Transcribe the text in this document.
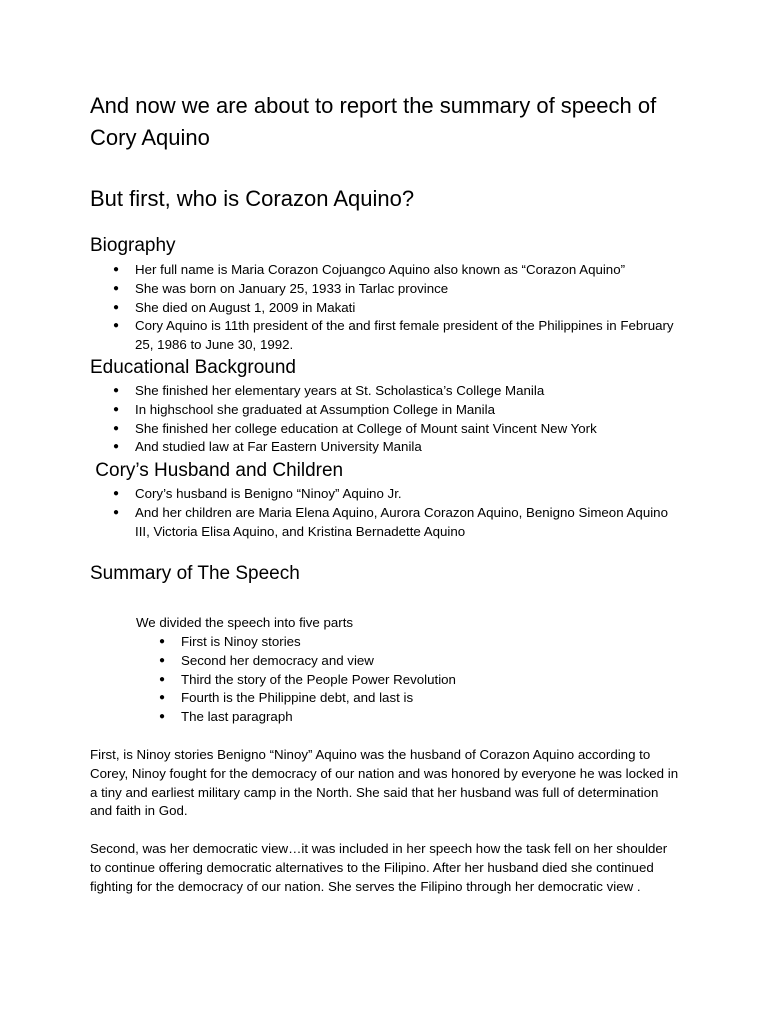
And now we are about to report the summary of speech of Cory Aquino
But first, who is Corazon Aquino?
Biography
● Her full name is Maria Corazon Cojuangco Aquino also known as “Corazon Aquino”
● She was born on January 25, 1933 in Tarlac province
● She died on August 1, 2009 in Makati
● Cory Aquino is 11th president of the and first female president of the Philippines in February 25, 1986 to June 30, 1992.
Educational Background
● She finished her elementary years at St. Scholastica’s College Manila
● In highschool she graduated at Assumption College in Manila
● She finished her college education at College of Mount saint Vincent New York
● And studied law at Far Eastern University Manila
Cory’s Husband and Children
● Cory’s husband is Benigno “Ninoy” Aquino Jr.
● And her children are Maria Elena Aquino, Aurora Corazon Aquino, Benigno Simeon Aquino III, Victoria Elisa Aquino, and Kristina Bernadette Aquino
Summary of The Speech

We divided the speech into five parts

● First is Ninoy stories
● Second her democracy and view
● Third the story of the People Power Revolution
● Fourth is the Philippine debt, and last is
● The last paragraph

First, is Ninoy stories Benigno “Ninoy” Aquino was the husband of Corazon Aquino according to Corey, Ninoy fought for the democracy of our nation and was honored by everyone he was locked in a tiny and earliest military camp in the North. She said that her husband was full of determination and faith in God.

Second, was her democratic view…it was included in her speech how the task fell on her shoulder to continue offering democratic alternatives to the Filipino. After her husband died she continued fighting for the democracy of our nation. She serves the Filipino through her democratic view .
